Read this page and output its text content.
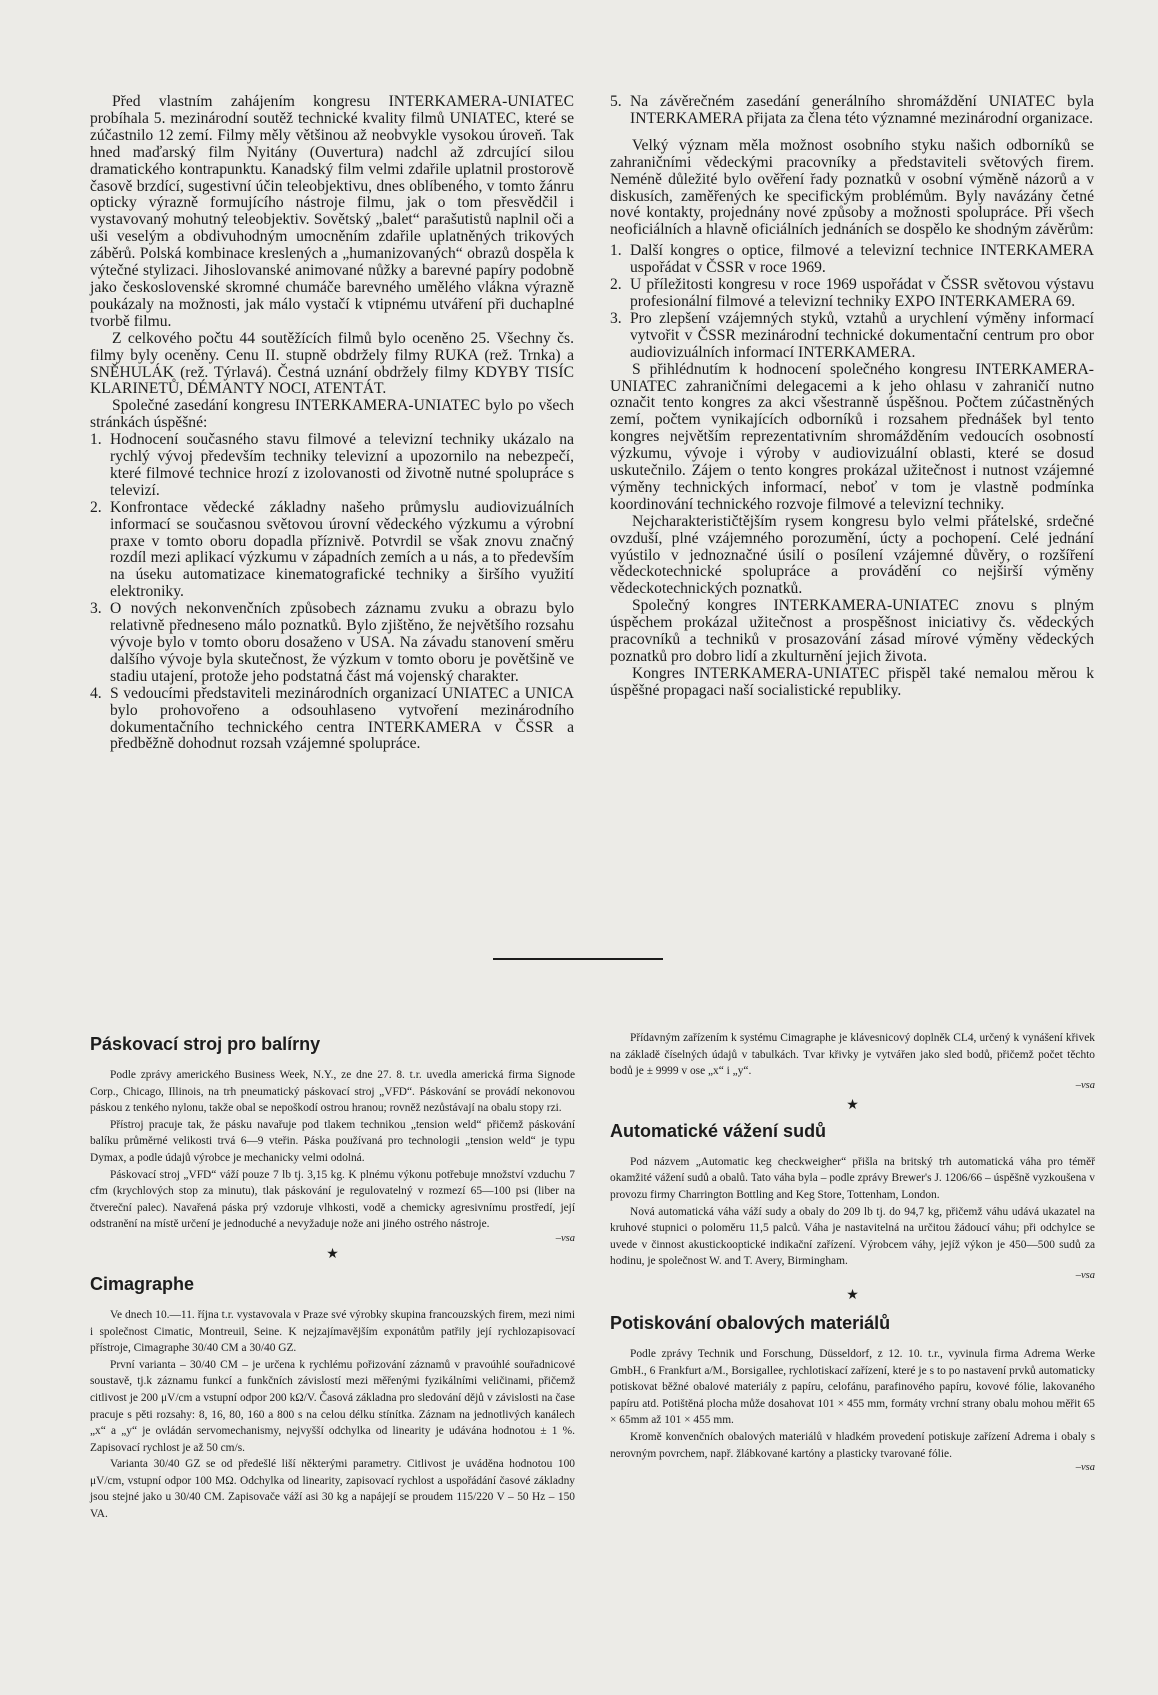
Před vlastním zahájením kongresu INTERKAMERA-UNIATEC probíhala 5. mezinárodní soutěž technické kvality filmů UNIATEC, které se zúčastnilo 12 zemí. Filmy měly většinou až neobvykle vysokou úroveň. Tak hned maďarský film Nyitány (Ouvertura) nadchl až zdrcující silou dramatického kontrapunktu. Kanadský film velmi zdařile uplatnil prostorově časově brzdící, sugestivní účin teleobjektivu, dnes oblíbeného, v tomto žánru opticky výrazně formujícího nástroje filmu, jak o tom přesvědčil i vystavovaný mohutný teleobjektiv. Sovětský „balet“ parašutistů naplnil oči a uši veselým a obdivuhodným umocněním zdařile uplatněných trikových záběrů. Polská kombinace kreslených a „humanizovaných“ obrazů dospěla k výtečné stylizaci. Jihoslovanské animované nůžky a barevné papíry podobně jako československé skromné chumáče barevného umělého vlákna výrazně poukázaly na možnosti, jak málo vystačí k vtipnému utváření při duchaplné tvorbě filmu.

Z celkového počtu 44 soutěžících filmů bylo oceněno 25. Všechny čs. filmy byly oceněny. Cenu II. stupně obdržely filmy RUKA (rež. Trnka) a SNĚHULÁK (rež. Týrlavá). Čestná uznání obdržely filmy KDYBY TISÍC KLARINETŮ, DÉMANTY NOCI, ATENTÁT.

Společné zasedání kongresu INTERKAMERA-UNIATEC bylo po všech stránkách úspěšné:

1. Hodnocení současného stavu filmové a televizní techniky ukázalo na rychlý vývoj především techniky televizní a upozornilo na nebezpečí, které filmové technice hrozí z izolovanosti od životně nutné spolupráce s televizí.
2. Konfrontace vědecké základny našeho průmyslu audiovizuálních informací se současnou světovou úrovní vědeckého výzkumu a výrobní praxe v tomto oboru dopadla příznivě. Potvrdil se však znovu značný rozdíl mezi aplikací výzkumu v západních zemích a u nás, a to především na úseku automatizace kinematografické techniky a širšího využití elektroniky.
3. O nových nekonvenčních způsobech záznamu zvuku a obrazu bylo relativně předneseno málo poznatků. Bylo zjištěno, že největšího rozsahu vývoje bylo v tomto oboru dosaženo v USA. Na závadu stanovení směru dalšího vývoje byla skutečnost, že výzkum v tomto oboru je povětšině ve stadiu utajení, protože jeho podstatná část má vojenský charakter.
4. S vedoucími představiteli mezinárodních organizací UNIATEC a UNICA bylo prohovořeno a odsouhlaseno vytvoření mezinárodního dokumentačního technického centra INTERKAMERA v ČSSR a předběžně dohodnut rozsah vzájemné spolupráce.
5. Na závěrečném zasedání generálního shromáždění UNIATEC byla INTERKAMERA přijata za člena této významné mezinárodní organizace.

Velký význam měla možnost osobního styku našich odborníků se zahraničními vědeckými pracovníky a představiteli světových firem. Neméně důležité bylo ověření řady poznatků v osobní výměně názorů a v diskusích, zaměřených ke specifickým problémům. Byly navázány četné nové kontakty, projednány nové způsoby a možnosti spolupráce. Při všech neoficiálních a hlavně oficiálních jednáních se dospělo ke shodným závěrům:

1. Další kongres o optice, filmové a televizní technice INTERKAMERA uspořádat v ČSSR v roce 1969.
2. U příležitosti kongresu v roce 1969 uspořádat v ČSSR světovou výstavu profesionální filmové a televizní techniky EXPO INTERKAMERA 69.
3. Pro zlepšení vzájemných styků, vztahů a urychlení výměny informací vytvořit v ČSSR mezinárodní technické dokumentační centrum pro obor audiovizuálních informací INTERKAMERA.

S přihlédnutím k hodnocení společného kongresu INTERKAMERA-UNIATEC zahraničními delegacemi a k jeho ohlasu v zahraničí nutno označit tento kongres za akci všestranně úspěšnou. Počtem zúčastněných zemí, počtem vynikajících odborníků i rozsahem přednášek byl tento kongres největším reprezentativním shromážděním vedoucích osobností výzkumu, vývoje i výroby v audiovizuální oblasti, které se dosud uskutečnilo. Zájem o tento kongres prokázal užitečnost i nutnost vzájemné výměny technických informací, neboť v tom je vlastně podmínka koordinování technického rozvoje filmové a televizní techniky.

Nejcharakterističtějším rysem kongresu bylo velmi přátelské, srdečné ovzduší, plné vzájemného porozumění, úcty a pochopení. Celé jednání vyústilo v jednoznačné úsilí o posílení vzájemné důvěry, o rozšíření vědeckotechnické spolupráce a provádění co nejširší výměny vědeckotechnických poznatků.

Společný kongres INTERKAMERA-UNIATEC znovu s plným úspěchem prokázal užitečnost a prospěšnost iniciativy čs. vědeckých pracovníků a techniků v prosazování zásad mírové výměny vědeckých poznatků pro dobro lidí a zkulturnění jejich života.

Kongres INTERKAMERA-UNIATEC přispěl také nemalou měrou k úspěšné propagaci naší socialistické republiky.

Páskovací stroj pro balírny

Podle zprávy amerického Business Week, N.Y., ze dne 27. 8. t.r. uvedla americká firma Signode Corp., Chicago, Illinois, na trh pneumatický páskovací stroj „VFD“. Páskování se provádí nekonovou páskou z tenkého nylonu, takže obal se nepoškodí ostrou hranou; rovněž nezůstávají na obalu stopy rzi.

Přístroj pracuje tak, že pásku navařuje pod tlakem technikou „tension weld“ přičemž páskování balíku průměrné velikosti trvá 6—9 vteřin. Páska používaná pro technologii „tension weld“ je typu Dymax, a podle údajů výrobce je mechanicky velmi odolná.

Páskovací stroj „VFD“ váží pouze 7 lb tj. 3,15 kg. K plnému výkonu potřebuje množství vzduchu 7 cfm (krychlových stop za minutu), tlak páskování je regulovatelný v rozmezí 65—100 psi (liber na čtvereční palec). Navařená páska prý vzdoruje vlhkosti, vodě a chemicky agresivnímu prostředí, její odstranění na místě určení je jednoduché a nevyžaduje nože ani jiného ostrého nástroje.

–vsa
★
Cimagraphe

Ve dnech 10.—11. října t.r. vystavovala v Praze své výrobky skupina francouzských firem, mezi nimi i společnost Cimatic, Montreuil, Seine. K nejzajímavějším exponátům patřily její rychlozapisovací přístroje, Cimagraphe 30/40 CM a 30/40 GZ.

První varianta – 30/40 CM – je určena k rychlému pořizování záznamů v pravoúhlé souřadnicové soustavě, tj.k záznamu funkcí a funkčních závislostí mezi měřenými fyzikálními veličinami, přičemž citlivost je 200 μV/cm a vstupní odpor 200 kΩ/V. Časová základna pro sledování dějů v závislosti na čase pracuje s pěti rozsahy: 8, 16, 80, 160 a 800 s na celou délku stínítka. Záznam na jednotlivých kanálech „x“ a „y“ je ovládán servomechanismy, nejvyšší odchylka od linearity je udávána hodnotou ± 1 %. Zapisovací rychlost je až 50 cm/s.

Varianta 30/40 GZ se od předešlé liší některými parametry. Citlivost je uváděna hodnotou 100 μV/cm, vstupní odpor 100 MΩ. Odchylka od linearity, zapisovací rychlost a uspořádání časové základny jsou stejné jako u 30/40 CM. Zapisovače váží asi 30 kg a napájejí se proudem 115/220 V – 50 Hz – 150 VA.

Přídavným zařízením k systému Cimagraphe je klávesnicový doplněk CL4, určený k vynášení křivek na základě číselných údajů v tabulkách. Tvar křivky je vytvářen jako sled bodů, přičemž počet těchto bodů je ± 9999 v ose „x“ i „y“.

–vsa
★
Automatické vážení sudů

Pod názvem „Automatic keg checkweigher“ přišla na britský trh automatická váha pro téměř okamžité vážení sudů a obalů. Tato váha byla – podle zprávy Brewer's J. 1206/66 – úspěšně vyzkoušena v provozu firmy Charrington Bottling and Keg Store, Tottenham, London.

Nová automatická váha váží sudy a obaly do 209 lb tj. do 94,7 kg, přičemž váhu udává ukazatel na kruhové stupnici o poloměru 11,5 palců. Váha je nastavitelná na určitou žádoucí váhu; při odchylce se uvede v činnost akustickooptické indikační zařízení. Výrobcem váhy, jejíž výkon je 450—500 sudů za hodinu, je společnost W. and T. Avery, Birmingham.

–vsa
★
Potiskování obalových materiálů

Podle zprávy Technik und Forschung, Düsseldorf, z 12. 10. t.r., vyvinula firma Adrema Werke GmbH., 6 Frankfurt a/M., Borsigallee, rychlotiskací zařízení, které je s to po nastavení prvků automaticky potiskovat běžné obalové materiály z papíru, celofánu, parafinového papíru, kovové fólie, lakovaného papíru atd. Potištěná plocha může dosahovat 101 × 455 mm, formáty vrchní strany obalu mohou měřit 65 × 65mm až 101 × 455 mm.

Kromě konvenčních obalových materiálů v hladkém provedení potiskuje zařízení Adrema i obaly s nerovným povrchem, např. žlábkované kartóny a plasticky tvarované fólie.

–vsa
